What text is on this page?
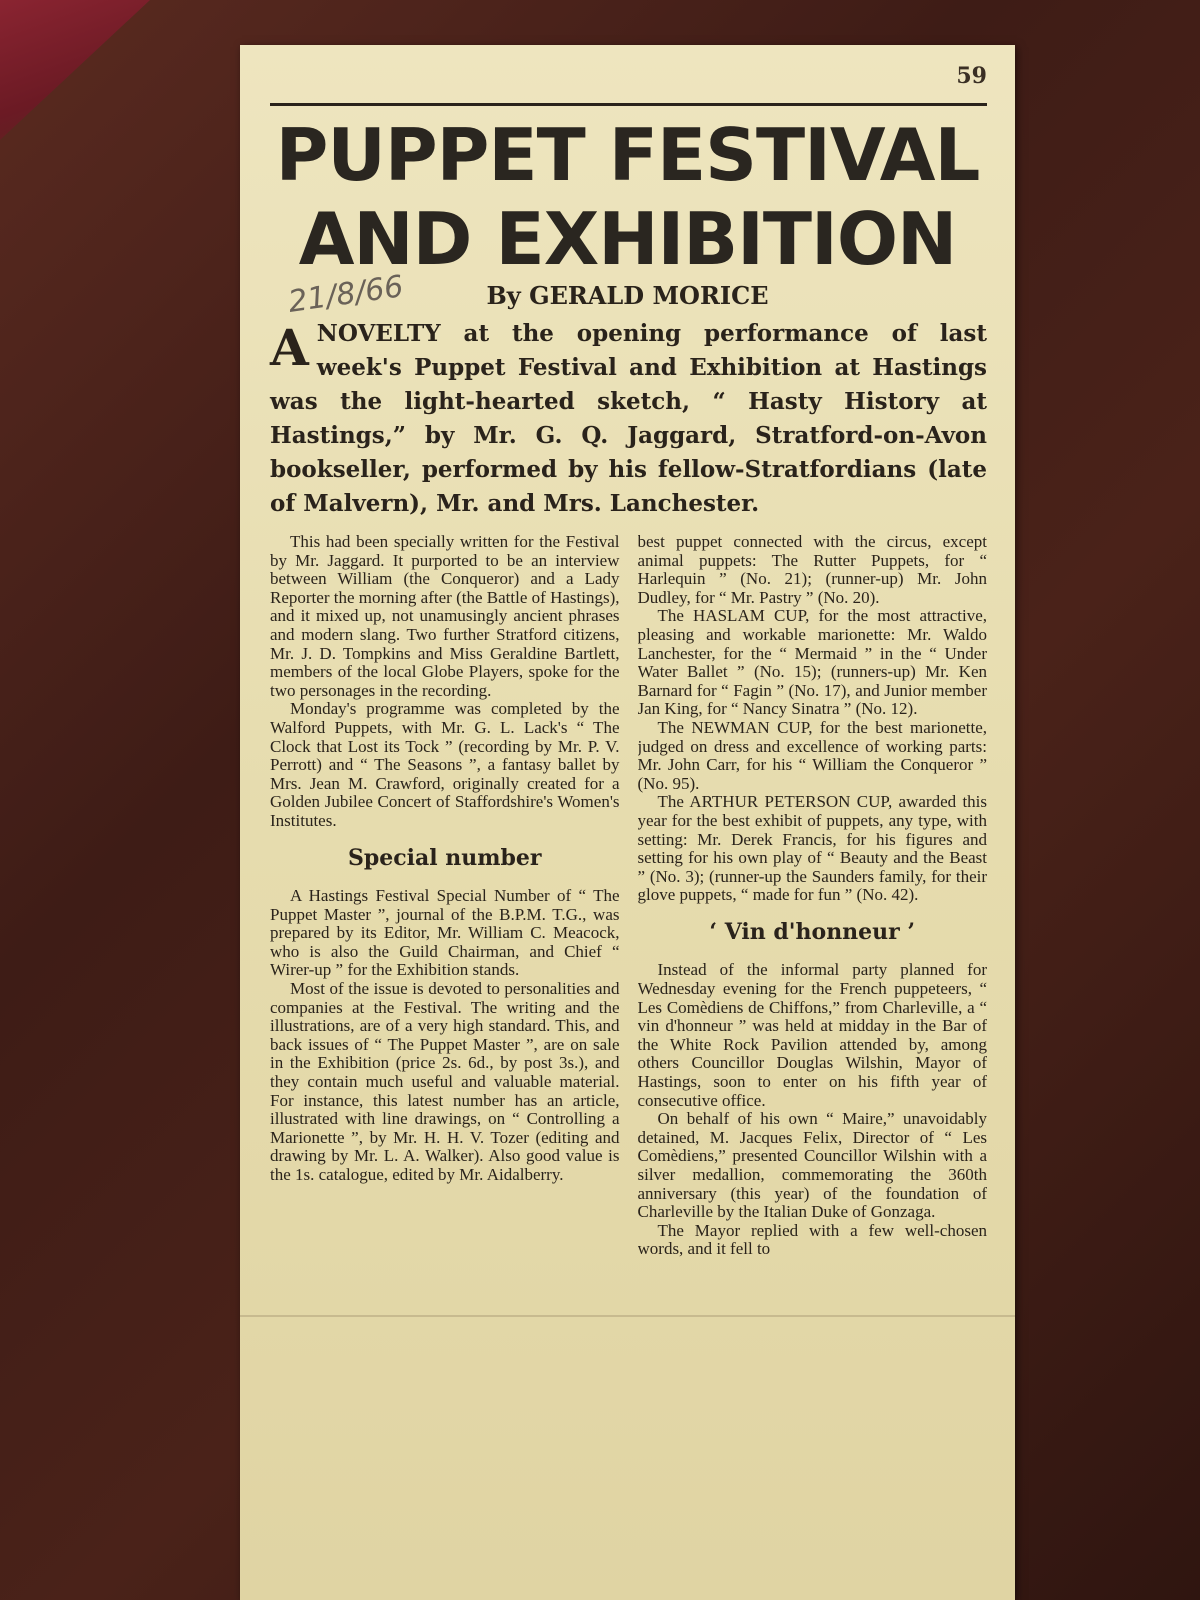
59
PUPPET FESTIVAL
AND EXHIBITION
21/8/66	By GERALD MORICE
A NOVELTY at the opening performance of last week's Puppet Festival and Exhibition at Hastings was the light-hearted sketch, “ Hasty History at Hastings,” by Mr. G. Q. Jaggard, Stratford-on-Avon bookseller, performed by his fellow-Stratfordians (late of Malvern), Mr. and Mrs. Lanchester.

This had been specially written for the Festival by Mr. Jaggard. It purported to be an interview between William (the Conqueror) and a Lady Reporter the morning after (the Battle of Hastings), and it mixed up, not unamusingly ancient phrases and modern slang. Two further Stratford citizens, Mr. J. D. Tompkins and Miss Geraldine Bartlett, members of the local Globe Players, spoke for the two personages in the recording.

Monday's programme was completed by the Walford Puppets, with Mr. G. L. Lack's “ The Clock that Lost its Tock ” (recording by Mr. P. V. Perrott) and “ The Seasons ”, a fantasy ballet by Mrs. Jean M. Crawford, originally created for a Golden Jubilee Concert of Staffordshire's Women's Institutes.

Special number

A Hastings Festival Special Number of “ The Puppet Master ”, journal of the B.P.M. T.G., was prepared by its Editor, Mr. William C. Meacock, who is also the Guild Chairman, and Chief “ Wirer-up ” for the Exhibition stands.

Most of the issue is devoted to personalities and companies at the Festival. The writing and the illustrations, are of a very high standard. This, and back issues of “ The Puppet Master ”, are on sale in the Exhibition (price 2s. 6d., by post 3s.), and they contain much useful and valuable material. For instance, this latest number has an article, illustrated with line drawings, on “ Controlling a Marionette ”, by Mr. H. H. V. Tozer (editing and drawing by Mr. L. A. Walker). Also good value is the 1s. catalogue, edited by Mr. Aidalberry.

best puppet connected with the circus, except animal puppets: The Rutter Puppets, for “ Harlequin ” (No. 21); (runner-up) Mr. John Dudley, for “ Mr. Pastry ” (No. 20).

The HASLAM CUP, for the most attractive, pleasing and workable marionette: Mr. Waldo Lanchester, for the “ Mermaid ” in the “ Under Water Ballet ” (No. 15); (runners-up) Mr. Ken Barnard for “ Fagin ” (No. 17), and Junior member Jan King, for “ Nancy Sinatra ” (No. 12).

The NEWMAN CUP, for the best marionette, judged on dress and excellence of working parts: Mr. John Carr, for his “ William the Conqueror ” (No. 95).

The ARTHUR PETERSON CUP, awarded this year for the best exhibit of puppets, any type, with setting: Mr. Derek Francis, for his figures and setting for his own play of “ Beauty and the Beast ” (No. 3); (runner-up the Saunders family, for their glove puppets, “ made for fun ” (No. 42).

‘ Vin d'honneur ’

Instead of the informal party planned for Wednesday evening for the French puppeteers, “ Les Comèdiens de Chiffons,” from Charleville, a “ vin d'honneur ” was held at midday in the Bar of the White Rock Pavilion attended by, among others Councillor Douglas Wilshin, Mayor of Hastings, soon to enter on his fifth year of consecutive office.

On behalf of his own “ Maire,” unavoidably detained, M. Jacques Felix, Director of “ Les Comèdiens,” presented Councillor Wilshin with a silver medallion, commemorating the 360th anniversary (this year) of the foundation of Charleville by the Italian Duke of Gonzaga.

The Mayor replied with a few well-chosen words, and it fell to
